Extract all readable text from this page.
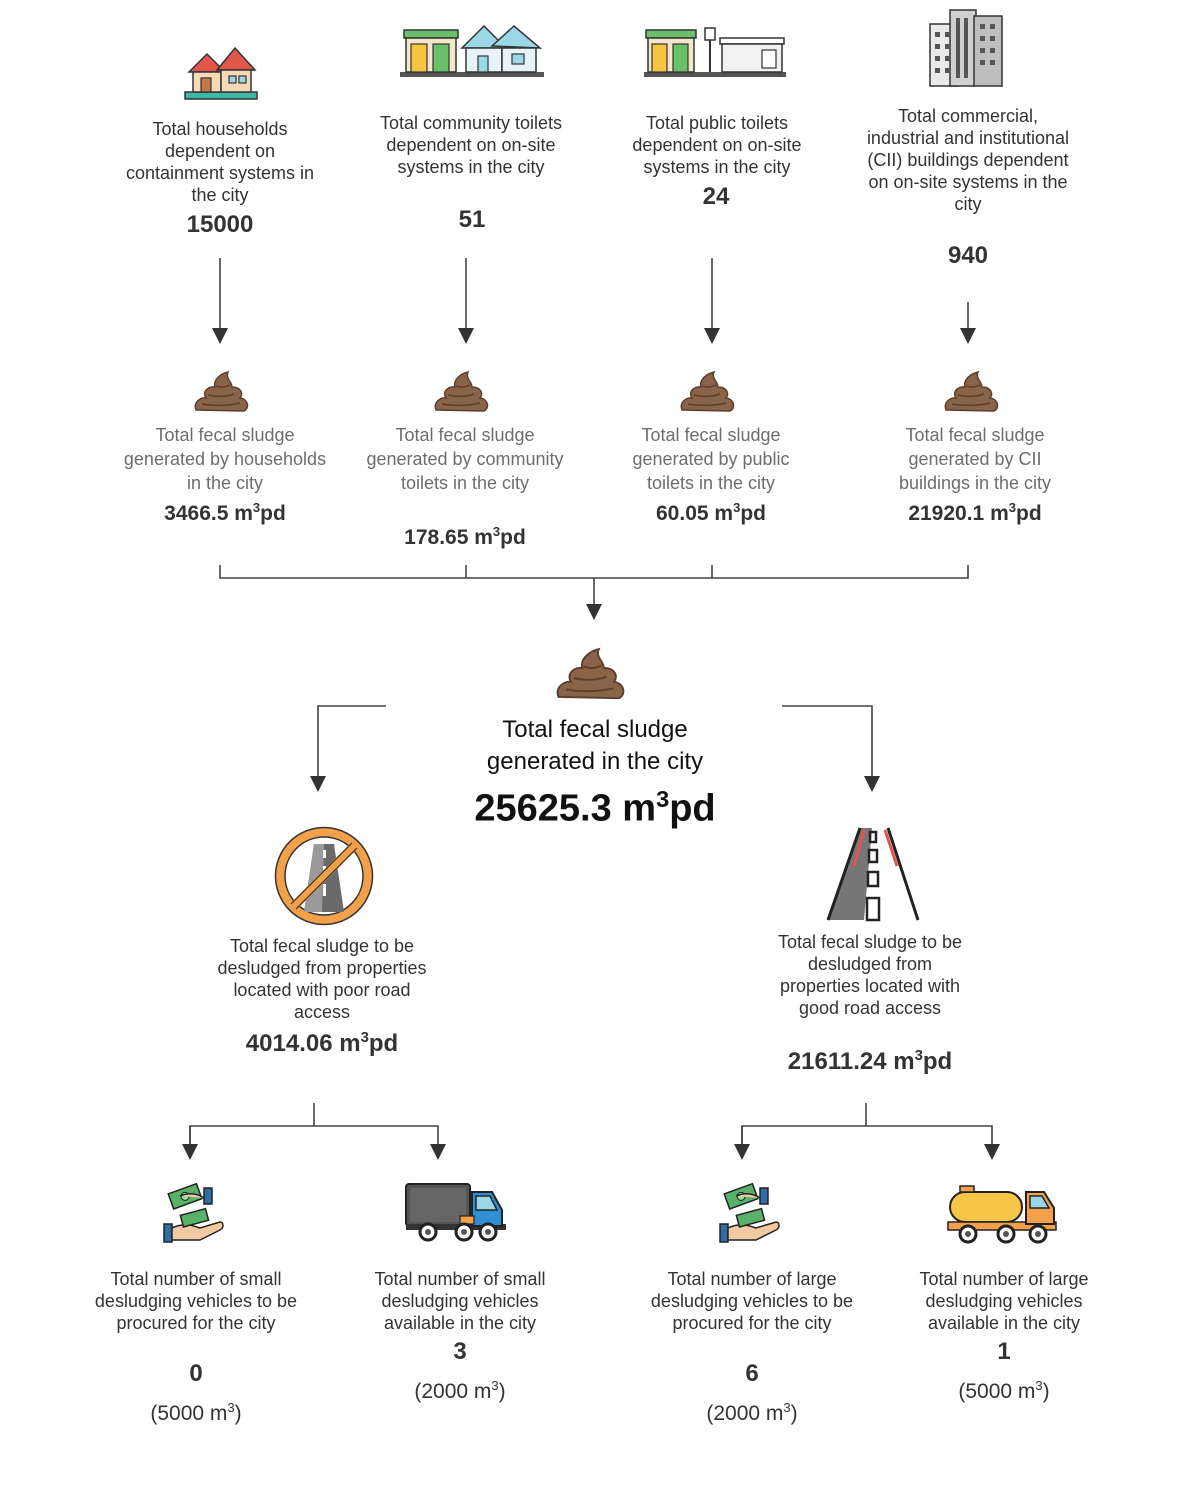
Total households dependent on containment systems in the city
15000
Total community toilets dependent on on-site systems in the city
51
Total public toilets dependent on on-site systems in the city
24
Total commercial, industrial and institutional (CII) buildings dependent on on-site systems in the city
940
Total fecal sludge generated by households in the city
3466.5 $m^3pd$
Total fecal sludge generated by community toilets in the city
178.65 $m^3pd$
Total fecal sludge generated by public toilets in the city
60.05 $m^3pd$
Total fecal sludge generated by CII buildings in the city
21920.1 $m^3pd$
Total fecal sludge
generated in the city
25625.3 $m^3pd$
Total fecal sludge to be desludged from properties located with poor road access
4014.06 $m^3pd$
Total fecal sludge to be desludged from properties located with good road access
21611.24 $m^3pd$
Total number of small desludging vehicles to be procured for the city
0
(5000 $m^3$)
Total number of small desludging vehicles available in the city
3
(2000 $m^3$)
Total number of large desludging vehicles to be procured for the city
6
(2000 $m^3$)
Total number of large desludging vehicles available in the city
1
(5000 $m^3$)
